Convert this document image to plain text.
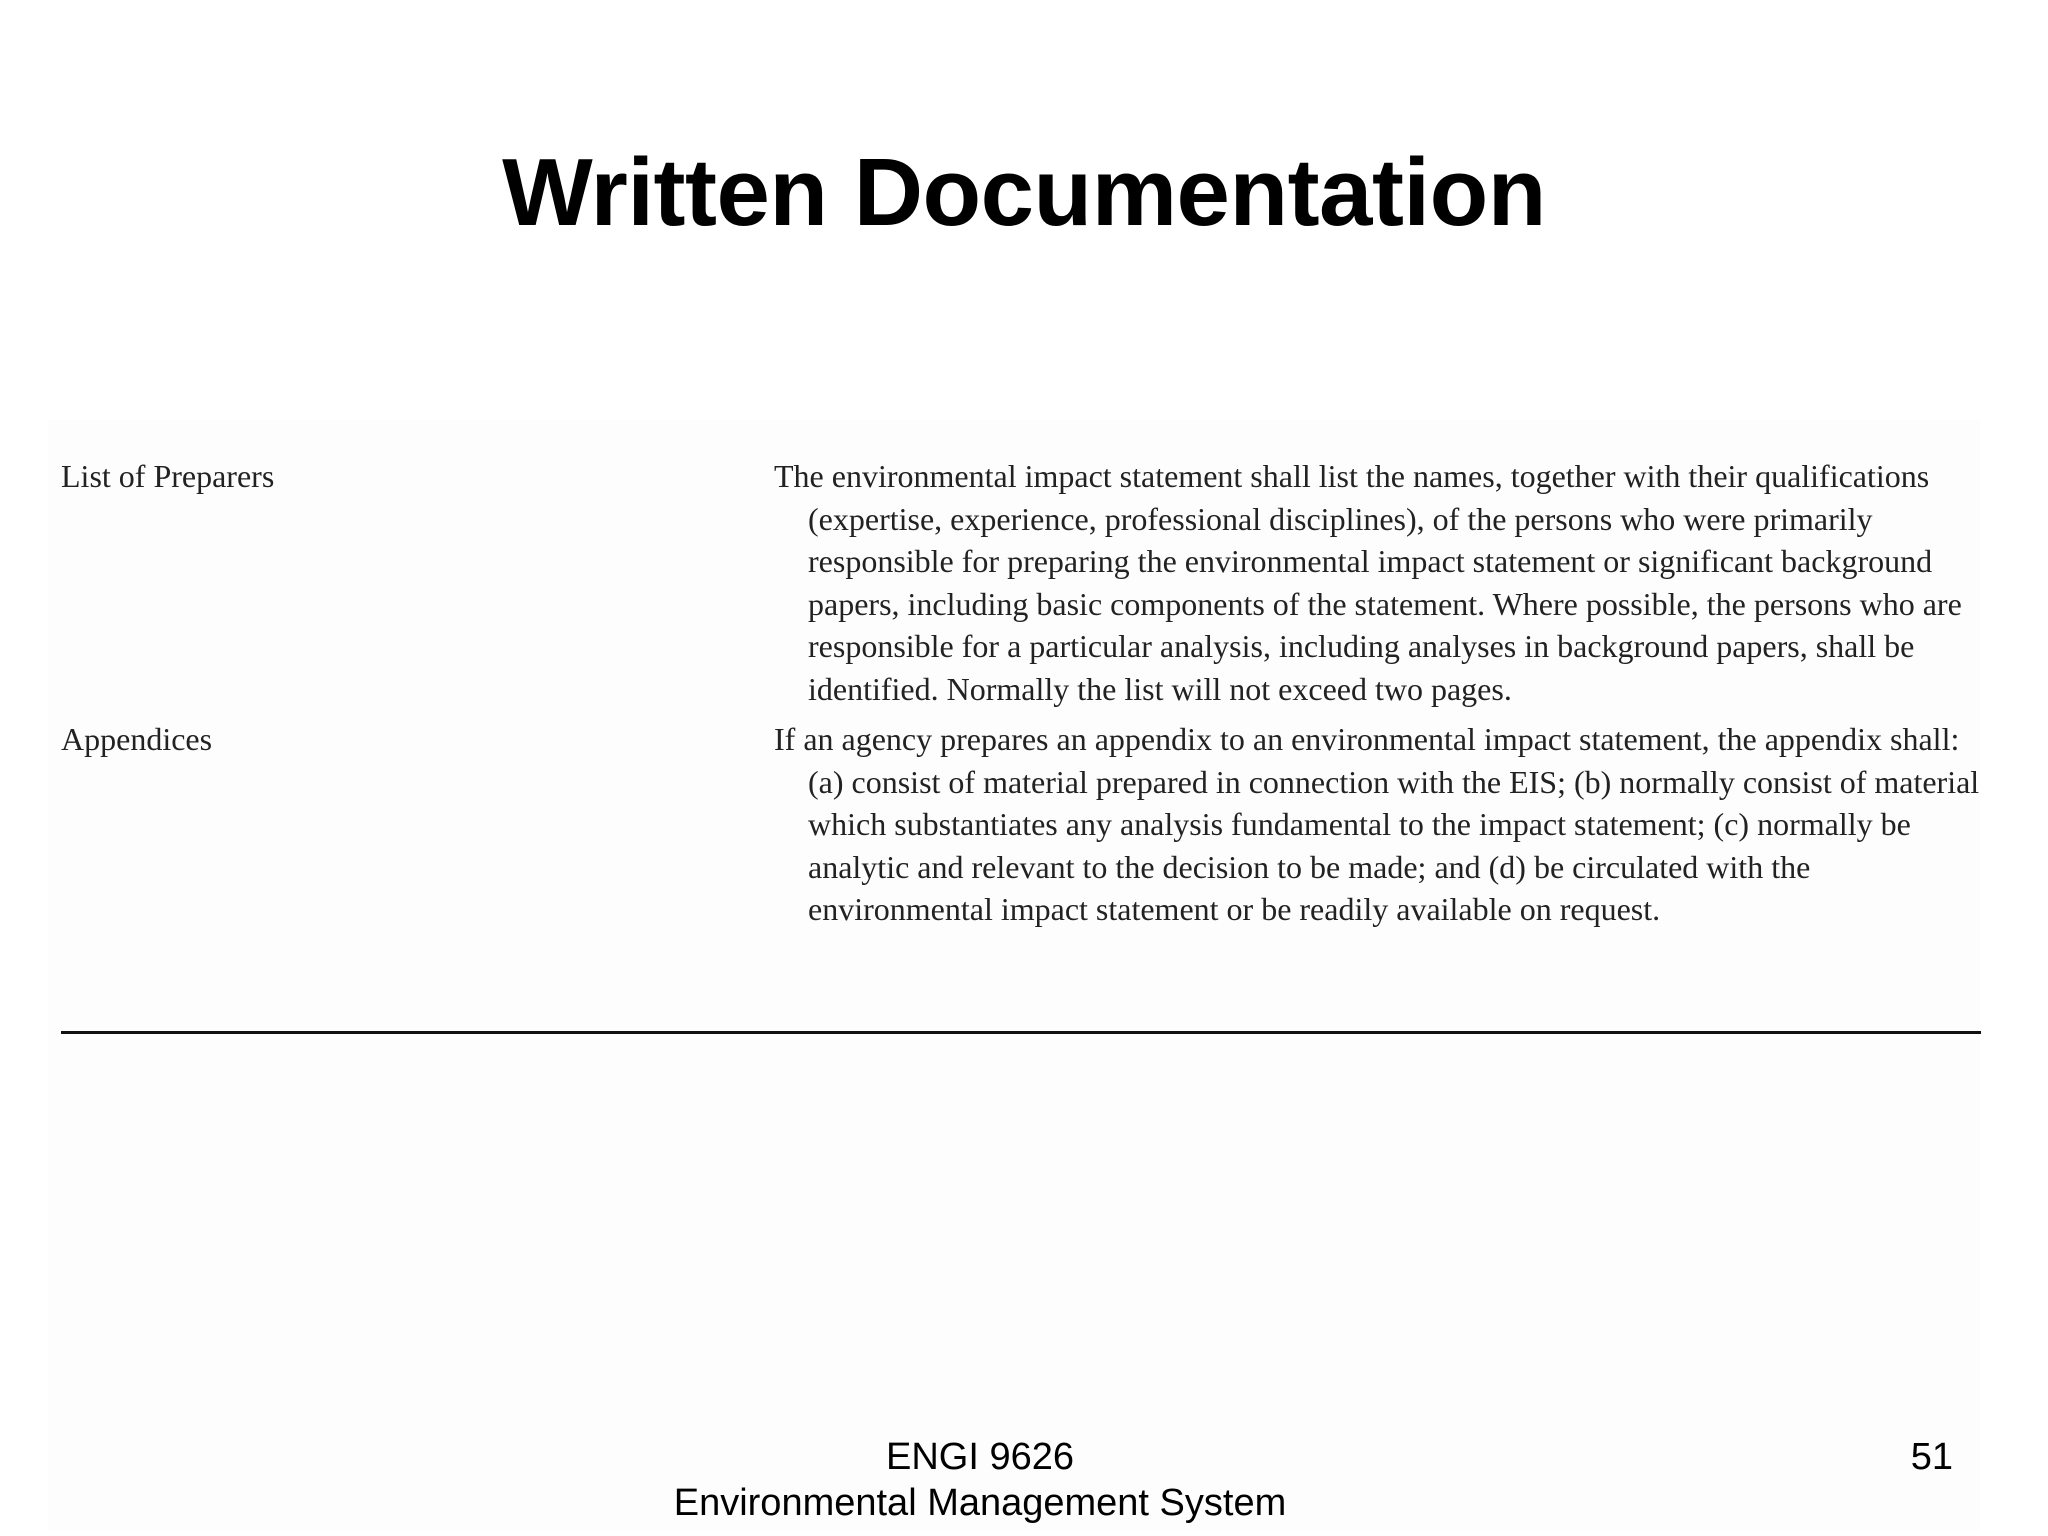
Written Documentation
List of Preparers	The environmental impact statement shall list the names, together with their qualifications (expertise, experience, professional disciplines), of the persons who were primarily responsible for preparing the environmental impact statement or significant background papers, including basic components of the statement. Where possible, the persons who are responsible for a particular analysis, including analyses in background papers, shall be identified. Normally the list will not exceed two pages.
Appendices	If an agency prepares an appendix to an environmental impact statement, the appendix shall: (a) consist of material prepared in connection with the EIS; (b) normally consist of material which substantiates any analysis fundamental to the impact statement; (c) normally be analytic and relevant to the decision to be made; and (d) be circulated with the environmental impact statement or be readily available on request.
ENGI 9626
Environmental Management System
51
